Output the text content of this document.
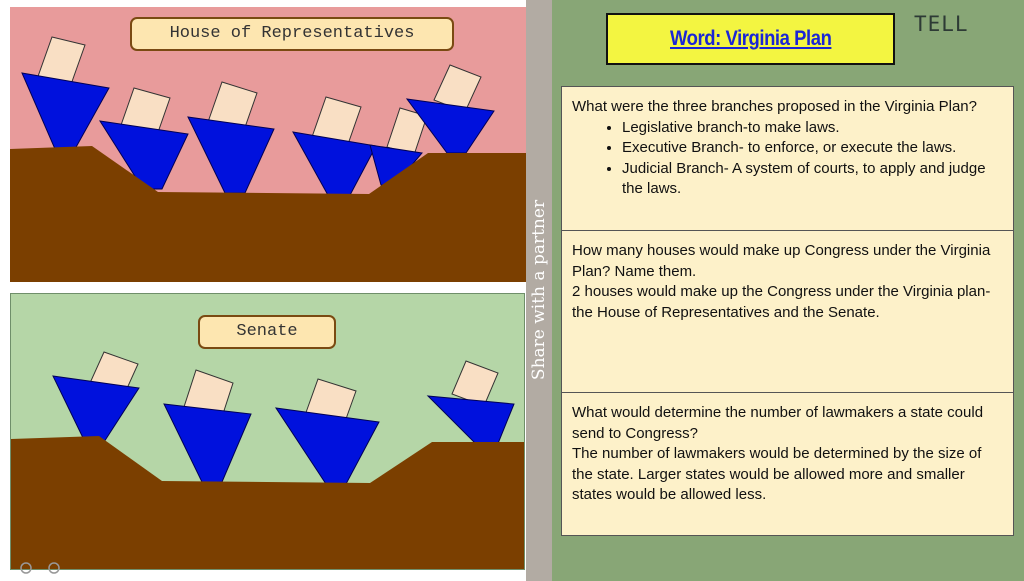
House of Representatives
Senate	Share with a partner
Word: Virginia Plan
TELL

What were the three branches proposed in the Virginia Plan?

• Legislative branch-to make laws.
• Executive Branch- to enforce, or execute the laws.
• Judicial Branch- A system of courts, to apply and judge the laws.

How many houses would make up Congress under the Virginia Plan? Name them.

2 houses would make up the Congress under the Virginia plan- the House of Representatives and the Senate.

What would determine the number of lawmakers a state could send to Congress?

The number of lawmakers would be determined by the size of the state. Larger states would be allowed more and smaller states would be allowed less.
